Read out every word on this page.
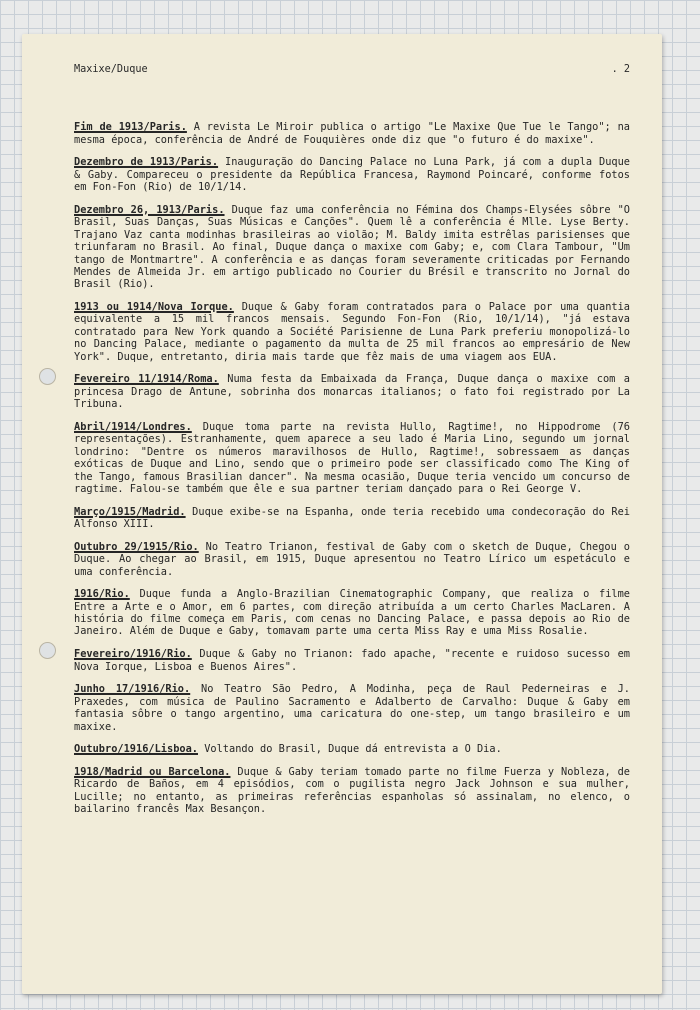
Maxixe/Duque	. 2

Fim de 1913/Paris. A revista Le Miroir publica o artigo "Le Maxixe Que Tue le Tango"; na mesma época, conferência de André de Fouquières onde diz que "o futuro é do maxixe".

Dezembro de 1913/Paris. Inauguração do Dancing Palace no Luna Park, já com a dupla Duque & Gaby. Compareceu o presidente da República Francesa, Raymond Poincaré, conforme fotos em Fon-Fon (Rio) de 10/1/14.

Dezembro 26, 1913/Paris. Duque faz uma conferência no Fémina dos Champs-Elysées sôbre "O Brasil, Suas Danças, Suas Músicas e Canções". Quem lê a conferência é Mlle. Lyse Berty. Trajano Vaz canta modinhas brasileiras ao violão; M. Baldy imita estrêlas parisienses que triunfaram no Brasil. Ao final, Duque dança o maxixe com Gaby; e, com Clara Tambour, "Um tango de Montmartre". A conferência e as danças foram severamente criticadas por Fernando Mendes de Almeida Jr. em artigo publicado no Courier du Brésil e transcrito no Jornal do Brasil (Rio).

1913 ou 1914/Nova Iorque. Duque & Gaby foram contratados para o Palace por uma quantia equivalente a 15 mil francos mensais. Segundo Fon-Fon (Rio, 10/1/14), "já estava contratado para New York quando a Société Parisienne de Luna Park preferiu monopolizá-lo no Dancing Palace, mediante o pagamento da multa de 25 mil francos ao empresário de New York". Duque, entretanto, diria mais tarde que fêz mais de uma viagem aos EUA.

Fevereiro 11/1914/Roma. Numa festa da Embaixada da França, Duque dança o maxixe com a princesa Drago de Antune, sobrinha dos monarcas italianos; o fato foi registrado por La Tribuna.

Abril/1914/Londres. Duque toma parte na revista Hullo, Ragtime!, no Hippodrome (76 representações). Estranhamente, quem aparece a seu lado é Maria Lino, segundo um jornal londrino: "Dentre os números maravilhosos de Hullo, Ragtime!, sobressaem as danças exóticas de Duque and Lino, sendo que o primeiro pode ser classificado como The King of the Tango, famous Brasilian dancer". Na mesma ocasião, Duque teria vencido um concurso de ragtime. Falou-se também que êle e sua partner teriam dançado para o Rei George V.

Março/1915/Madrid. Duque exibe-se na Espanha, onde teria recebido uma condecoração do Rei Alfonso XIII.

Outubro 29/1915/Rio. No Teatro Trianon, festival de Gaby com o sketch de Duque, Chegou o Duque. Ao chegar ao Brasil, em 1915, Duque apresentou no Teatro Lírico um espetáculo e uma conferência.

1916/Rio. Duque funda a Anglo-Brazilian Cinematographic Company, que realiza o filme Entre a Arte e o Amor, em 6 partes, com direção atribuída a um certo Charles MacLaren. A história do filme começa em Paris, com cenas no Dancing Palace, e passa depois ao Rio de Janeiro. Além de Duque e Gaby, tomavam parte uma certa Miss Ray e uma Miss Rosalie.

Fevereiro/1916/Rio. Duque & Gaby no Trianon: fado apache, "recente e ruidoso sucesso em Nova Iorque, Lisboa e Buenos Aires".

Junho 17/1916/Rio. No Teatro São Pedro, A Modinha, peça de Raul Pederneiras e J. Praxedes, com música de Paulino Sacramento e Adalberto de Carvalho: Duque & Gaby em fantasia sôbre o tango argentino, uma caricatura do one-step, um tango brasileiro e um maxixe.

Outubro/1916/Lisboa. Voltando do Brasil, Duque dá entrevista a O Dia.

1918/Madrid ou Barcelona. Duque & Gaby teriam tomado parte no filme Fuerza y Nobleza, de Ricardo de Baños, em 4 episódios, com o pugilista negro Jack Johnson e sua mulher, Lucille; no entanto, as primeiras referências espanholas só assinalam, no elenco, o bailarino francês Max Besançon.
